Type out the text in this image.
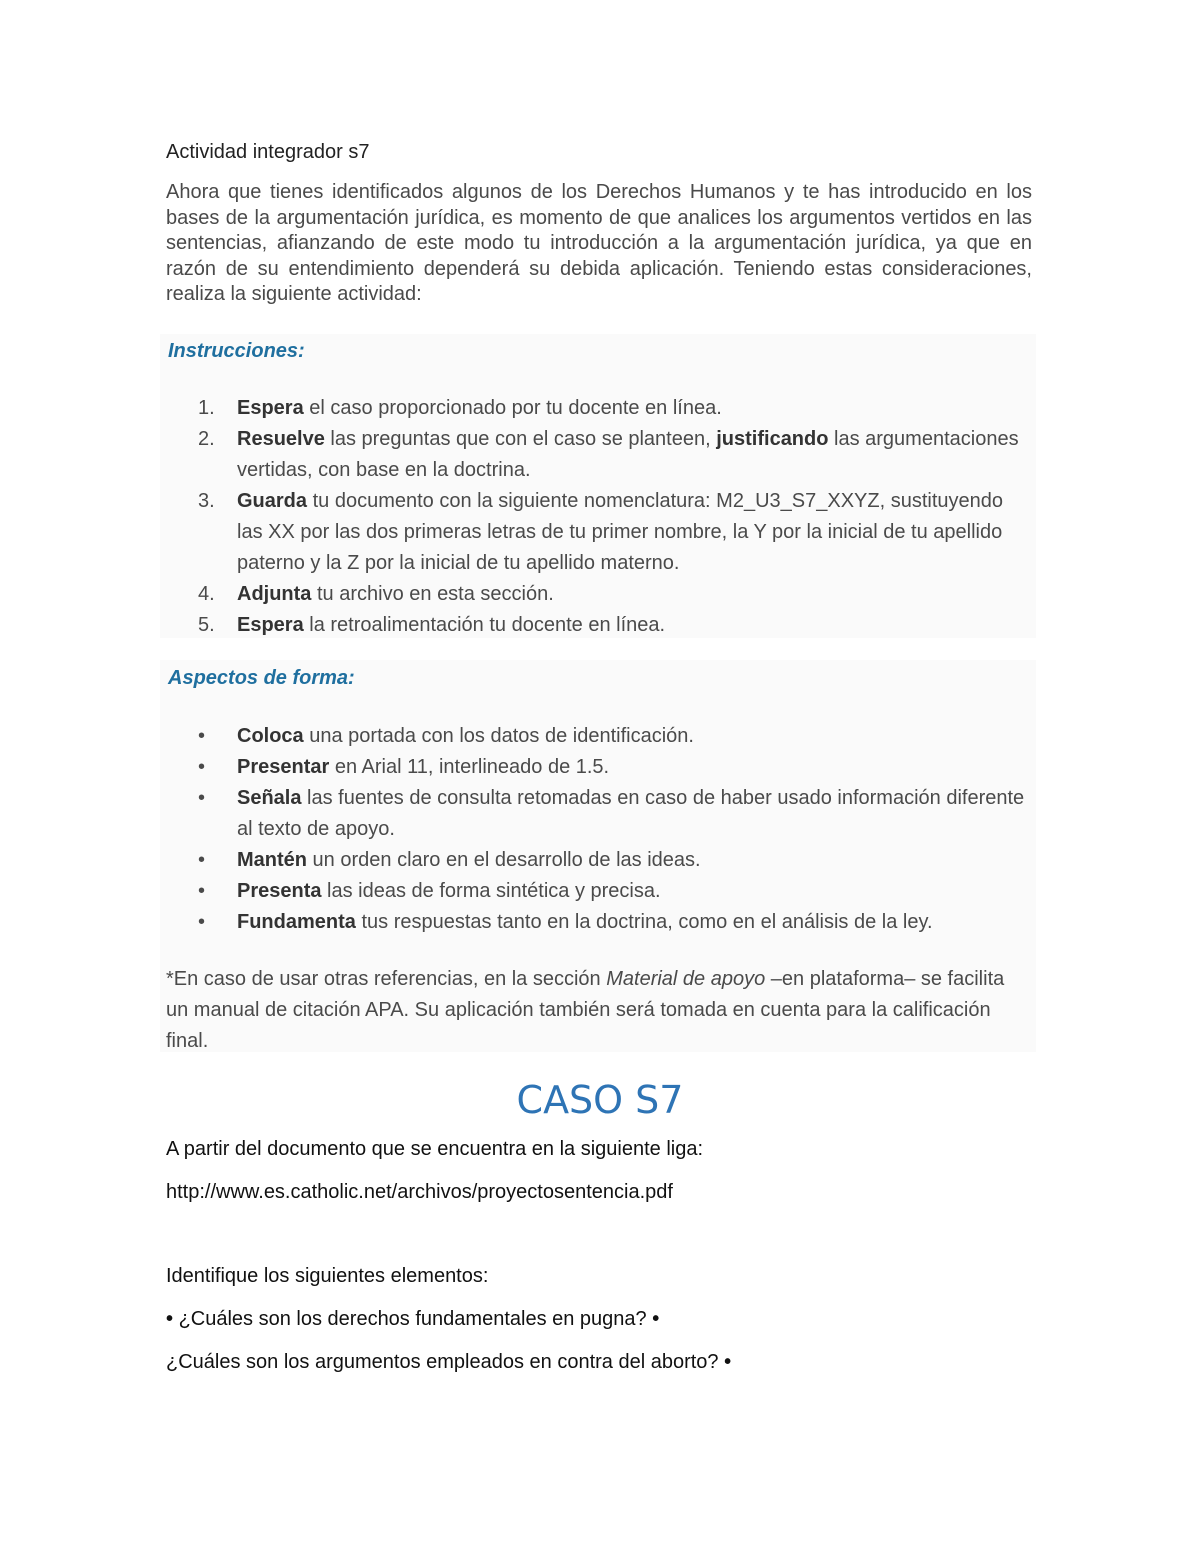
Actividad integrador s7
Ahora que tienes identificados algunos de los Derechos Humanos y te has introducido en los bases de la argumentación jurídica, es momento de que analices los argumentos vertidos en las sentencias, afianzando de este modo tu introducción a la argumentación jurídica, ya que en razón de su entendimiento dependerá su debida aplicación. Teniendo estas consideraciones, realiza la siguiente actividad:
Instrucciones:
1.	Espera el caso proporcionado por tu docente en línea.
2.	Resuelve las preguntas que con el caso se planteen, justificando las argumentaciones vertidas, con base en la doctrina.
3.	Guarda tu documento con la siguiente nomenclatura: M2_U3_S7_XXYZ, sustituyendo las XX por las dos primeras letras de tu primer nombre, la Y por la inicial de tu apellido paterno y la Z por la inicial de tu apellido materno.
4.	Adjunta tu archivo en esta sección.
5.	Espera la retroalimentación tu docente en línea.
Aspectos de forma:
•	Coloca una portada con los datos de identificación.
•	Presentar en Arial 11, interlineado de 1.5.
•	Señala las fuentes de consulta retomadas en caso de haber usado información diferente al texto de apoyo.
•	Mantén un orden claro en el desarrollo de las ideas.
•	Presenta las ideas de forma sintética y precisa.
•	Fundamenta tus respuestas tanto en la doctrina, como en el análisis de la ley.
*En caso de usar otras referencias, en la sección Material de apoyo –en plataforma– se facilita un manual de citación APA. Su aplicación también será tomada en cuenta para la calificación final.
CASO S7
A partir del documento que se encuentra en la siguiente liga:
http://www.es.catholic.net/archivos/proyectosentencia.pdf
Identifique los siguientes elementos:
• ¿Cuáles son los derechos fundamentales en pugna? •
¿Cuáles son los argumentos empleados en contra del aborto? •
